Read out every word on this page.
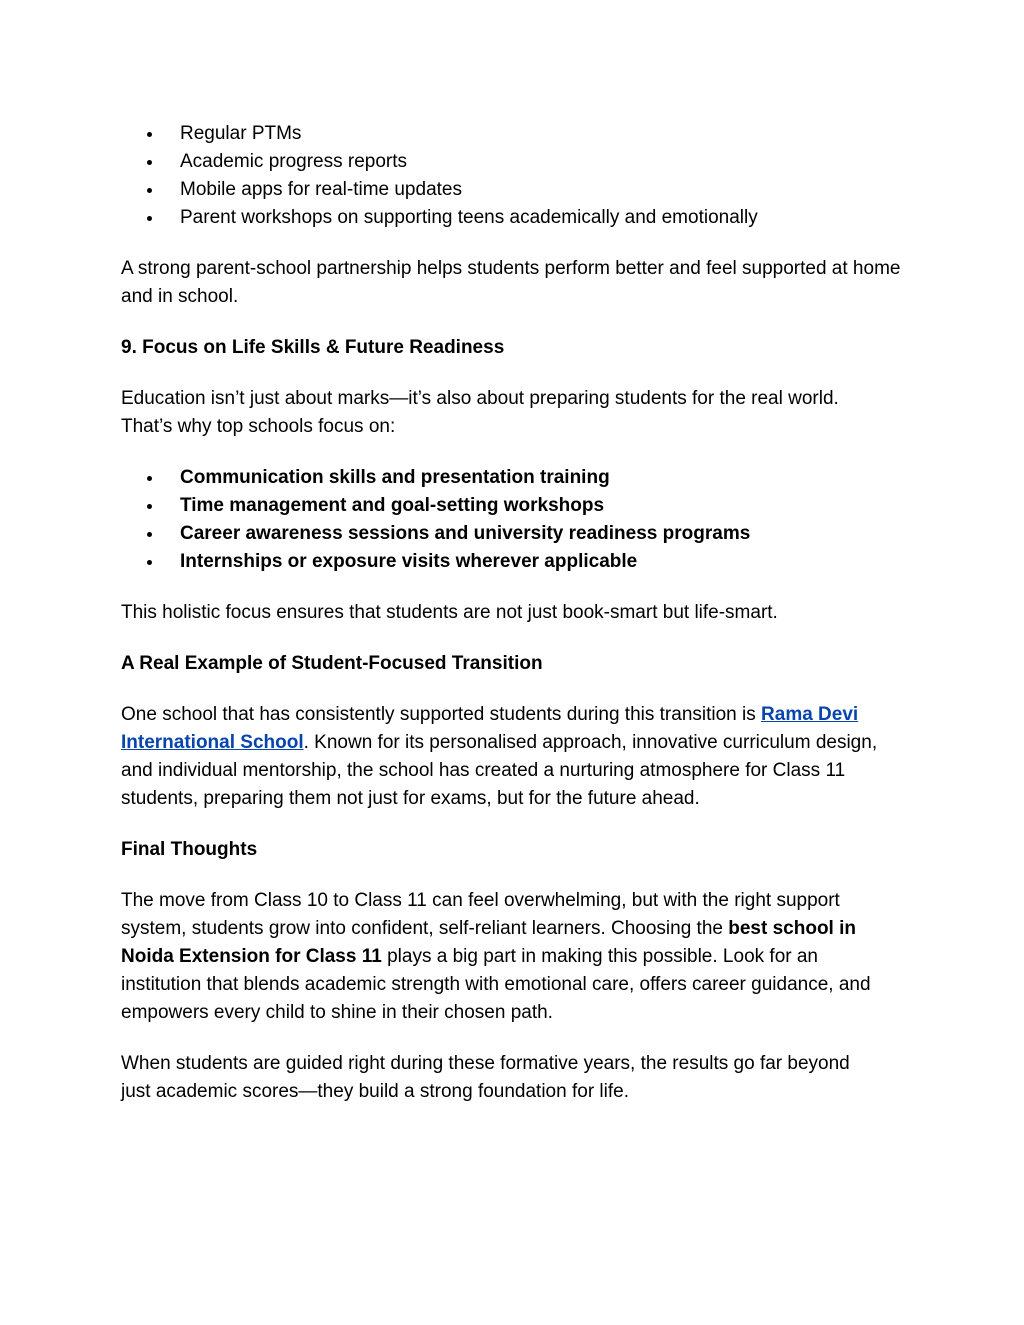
Regular PTMs
Academic progress reports
Mobile apps for real-time updates
Parent workshops on supporting teens academically and emotionally

A strong parent-school partnership helps students perform better and feel supported at home and in school.

9. Focus on Life Skills & Future Readiness

Education isn’t just about marks—it’s also about preparing students for the real world. That’s why top schools focus on:

Communication skills and presentation training
Time management and goal-setting workshops
Career awareness sessions and university readiness programs
Internships or exposure visits wherever applicable

This holistic focus ensures that students are not just book-smart but life-smart.

A Real Example of Student-Focused Transition

One school that has consistently supported students during this transition is Rama Devi International School. Known for its personalised approach, innovative curriculum design, and individual mentorship, the school has created a nurturing atmosphere for Class 11 students, preparing them not just for exams, but for the future ahead.

Final Thoughts

The move from Class 10 to Class 11 can feel overwhelming, but with the right support system, students grow into confident, self-reliant learners. Choosing the best school in Noida Extension for Class 11 plays a big part in making this possible. Look for an institution that blends academic strength with emotional care, offers career guidance, and empowers every child to shine in their chosen path.

When students are guided right during these formative years, the results go far beyond just academic scores—they build a strong foundation for life.
